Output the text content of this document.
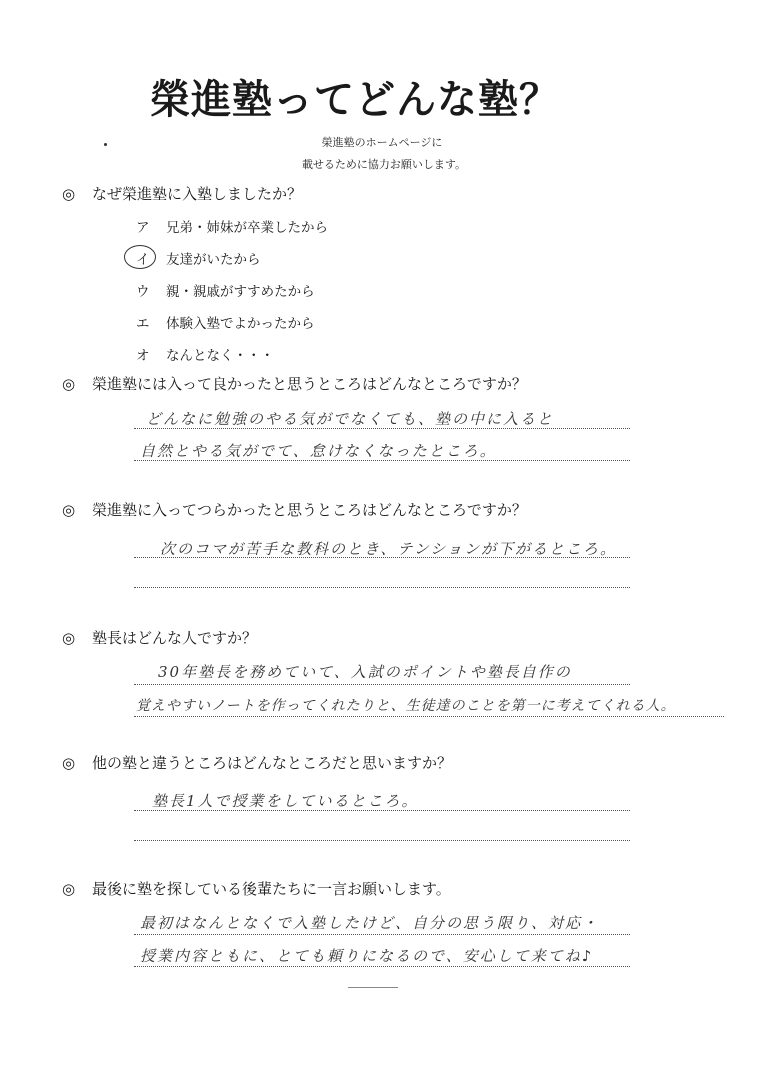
榮進塾ってどんな塾？
榮進塾のホームページに
載せるために協力お願いします。
◎ なぜ榮進塾に入塾しましたか？
ア 兄弟・姉妹が卒業したから
イ 友達がいたから
ウ 親・親戚がすすめたから
エ 体験入塾でよかったから
オ なんとなく・・・
◎ 榮進塾には入って良かったと思うところはどんなところですか？
どんなに勉強のやる気がでなくても、塾の中に入ると
自然とやる気がでて、怠けなくなったところ。
◎ 榮進塾に入ってつらかったと思うところはどんなところですか？
次のコマが苦手な教科のとき、テンションが下がるところ。
◎ 塾長はどんな人ですか？
30年塾長を務めていて、入試のポイントや塾長自作の
覚えやすいノートを作ってくれたりと、生徒達のことを第一に考えてくれる人。
◎ 他の塾と違うところはどんなところだと思いますか？
塾長1人で授業をしているところ。
◎ 最後に塾を探している後輩たちに一言お願いします。
最初はなんとなくで入塾したけど、自分の思う限り、対応・
授業内容ともに、とても頼りになるので、安心して来てね♪
